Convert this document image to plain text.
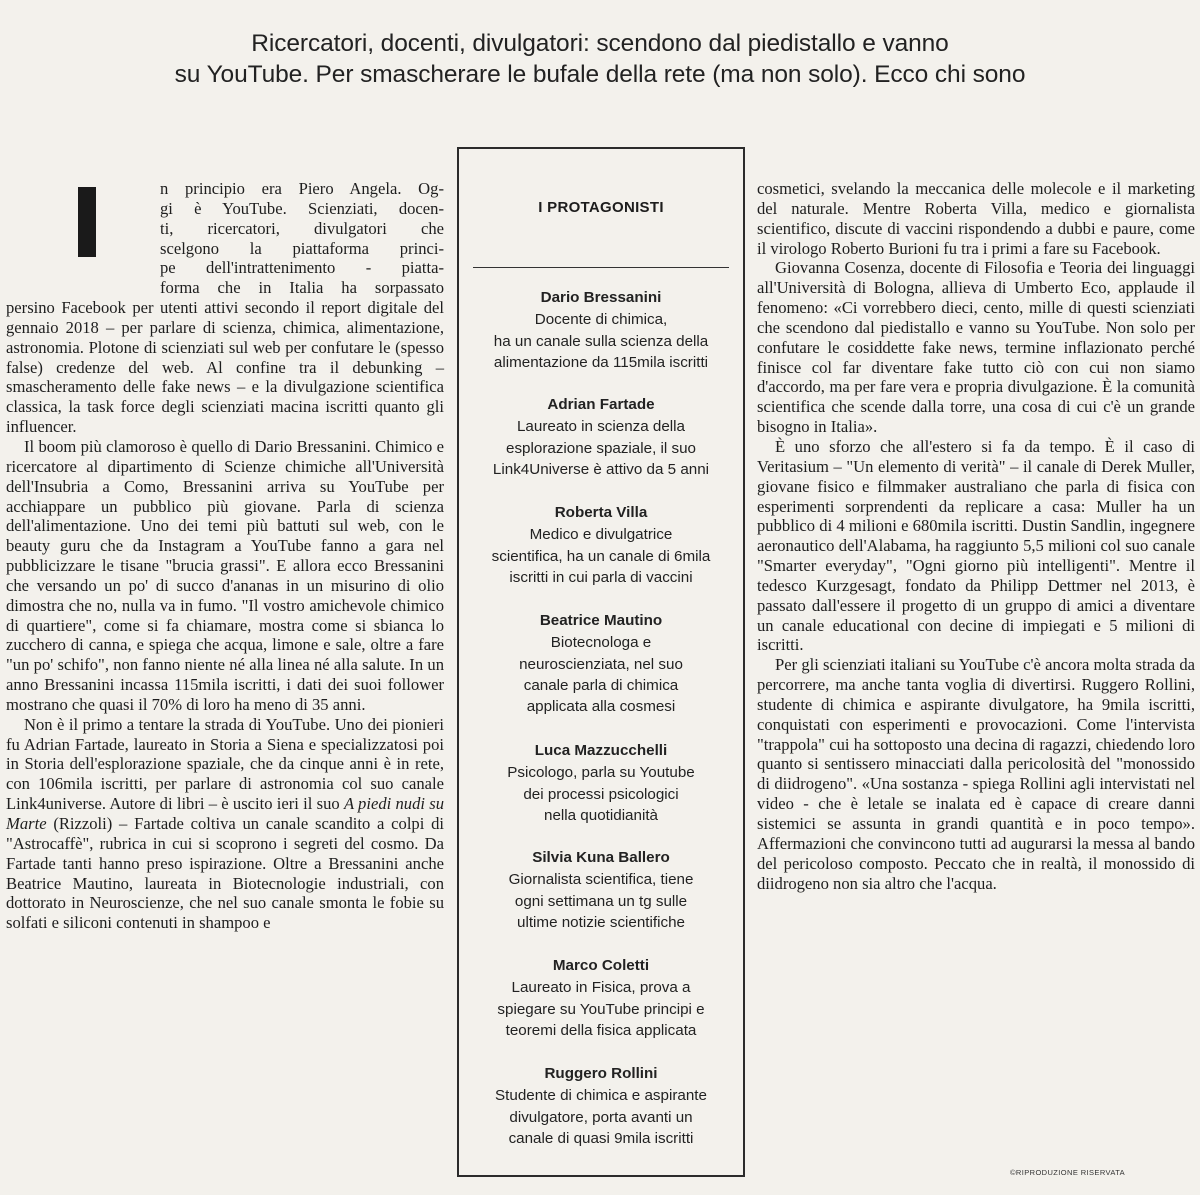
Ricercatori, docenti, divulgatori: scendono dal piedistallo e vanno
su YouTube. Per smascherare le bufale della rete (ma non solo). Ecco chi sono
n principio era Piero Angela. Og-
gi è YouTube. Scienziati, docen-
ti, ricercatori, divulgatori che
scelgono la piattaforma princi-
pe dell'intrattenimento - piatta-
forma che in Italia ha sorpassato

persino Facebook per utenti attivi secondo il report digitale del gennaio 2018 – per parlare di scienza, chimica, alimentazione, astronomia. Plotone di scienziati sul web per confutare le (spesso false) credenze del web. Al confine tra il debunking – smascheramento delle fake news – e la divulgazione scientifica classica, la task force degli scienziati macina iscritti quanto gli influencer.

Il boom più clamoroso è quello di Dario Bressanini. Chimico e ricercatore al dipartimento di Scienze chimiche all'Università dell'Insubria a Como, Bressanini arriva su YouTube per acchiappare un pubblico più giovane. Parla di scienza dell'alimentazione. Uno dei temi più battuti sul web, con le beauty guru che da Instagram a YouTube fanno a gara nel pubblicizzare le tisane "brucia grassi". E allora ecco Bressanini che versando un po' di succo d'ananas in un misurino di olio dimostra che no, nulla va in fumo. "Il vostro amichevole chimico di quartiere", come si fa chiamare, mostra come si sbianca lo zucchero di canna, e spiega che acqua, limone e sale, oltre a fare "un po' schifo", non fanno niente né alla linea né alla salute. In un anno Bressanini incassa 115mila iscritti, i dati dei suoi follower mostrano che quasi il 70% di loro ha meno di 35 anni.

Non è il primo a tentare la strada di YouTube. Uno dei pionieri fu Adrian Fartade, laureato in Storia a Siena e specializzatosi poi in Storia dell'esplorazione spaziale, che da cinque anni è in rete, con 106mila iscritti, per parlare di astronomia col suo canale Link4universe. Autore di libri – è uscito ieri il suo A piedi nudi su Marte (Rizzoli) – Fartade coltiva un canale scandito a colpi di "Astrocaffè", rubrica in cui si scoprono i segreti del cosmo. Da Fartade tanti hanno preso ispirazione. Oltre a Bressanini anche Beatrice Mautino, laureata in Biotecnologie industriali, con dottorato in Neuroscienze, che nel suo canale smonta le fobie su solfati e siliconi contenuti in shampoo e

I PROTAGONISTI
Dario Bressanini
Docente di chimica,
ha un canale sulla scienza della
alimentazione da 115mila iscritti
Adrian Fartade
Laureato in scienza della
esplorazione spaziale, il suo
Link4Universe è attivo da 5 anni
Roberta Villa
Medico e divulgatrice
scientifica, ha un canale di 6mila
iscritti in cui parla di vaccini
Beatrice Mautino
Biotecnologa e
neuroscienziata, nel suo
canale parla di chimica
applicata alla cosmesi
Luca Mazzucchelli
Psicologo, parla su Youtube
dei processi psicologici
nella quotidianità
Silvia Kuna Ballero
Giornalista scientifica, tiene
ogni settimana un tg sulle
ultime notizie scientifiche
Marco Coletti
Laureato in Fisica, prova a
spiegare su YouTube principi e
teoremi della fisica applicata
Ruggero Rollini
Studente di chimica e aspirante
divulgatore, porta avanti un
canale di quasi 9mila iscritti

cosmetici, svelando la meccanica delle molecole e il marketing del naturale. Mentre Roberta Villa, medico e giornalista scientifico, discute di vaccini rispondendo a dubbi e paure, come il virologo Roberto Burioni fu tra i primi a fare su Facebook.

Giovanna Cosenza, docente di Filosofia e Teoria dei linguaggi all'Università di Bologna, allieva di Umberto Eco, applaude il fenomeno: «Ci vorrebbero dieci, cento, mille di questi scienziati che scendono dal piedistallo e vanno su YouTube. Non solo per confutare le cosiddette fake news, termine inflazionato perché finisce col far diventare fake tutto ciò con cui non siamo d'accordo, ma per fare vera e propria divulgazione. È la comunità scientifica che scende dalla torre, una cosa di cui c'è un grande bisogno in Italia».

È uno sforzo che all'estero si fa da tempo. È il caso di Veritasium – "Un elemento di verità" – il canale di Derek Muller, giovane fisico e filmmaker australiano che parla di fisica con esperimenti sorprendenti da replicare a casa: Muller ha un pubblico di 4 milioni e 680mila iscritti. Dustin Sandlin, ingegnere aeronautico dell'Alabama, ha raggiunto 5,5 milioni col suo canale "Smarter everyday", "Ogni giorno più intelligenti". Mentre il tedesco Kurzgesagt, fondato da Philipp Dettmer nel 2013, è passato dall'essere il progetto di un gruppo di amici a diventare un canale educational con decine di impiegati e 5 milioni di iscritti.

Per gli scienziati italiani su YouTube c'è ancora molta strada da percorrere, ma anche tanta voglia di divertirsi. Ruggero Rollini, studente di chimica e aspirante divulgatore, ha 9mila iscritti, conquistati con esperimenti e provocazioni. Come l'intervista "trappola" cui ha sottoposto una decina di ragazzi, chiedendo loro quanto si sentissero minacciati dalla pericolosità del "monossido di diidrogeno". «Una sostanza - spiega Rollini agli intervistati nel video - che è letale se inalata ed è capace di creare danni sistemici se assunta in grandi quantità e in poco tempo». Affermazioni che convincono tutti ad augurarsi la messa al bando del pericoloso composto. Peccato che in realtà, il monossido di diidrogeno non sia altro che l'acqua.

©RIPRODUZIONE RISERVATA
